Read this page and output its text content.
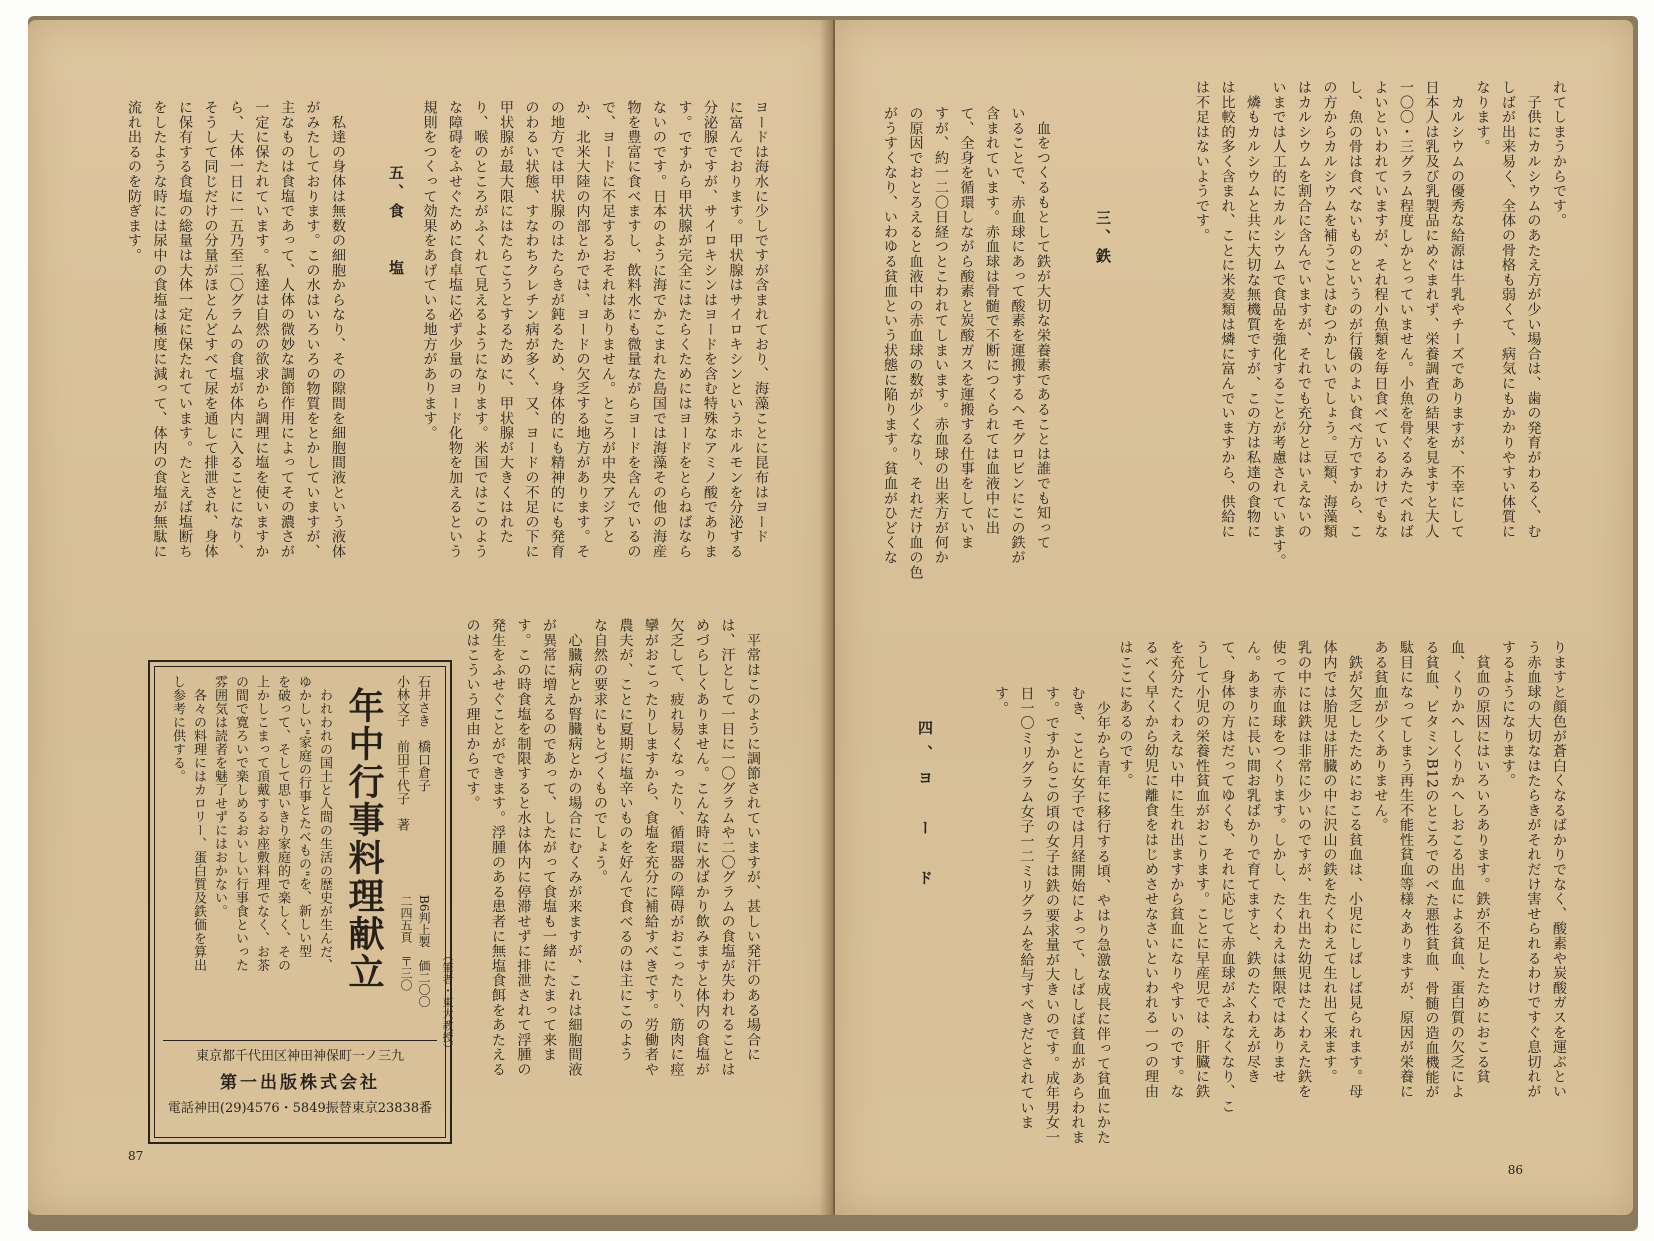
ヨードは海水に少しですが含まれており、海藻ことに昆布はヨード
に富んでおります。甲状腺はサイロキシンというホルモンを分泌する
分泌腺ですが、サイロキシンはヨードを含む特殊なアミノ酸でありま
す。ですから甲状腺が完全にはたらくためにはヨードをとらねばなら
ないのです。日本のように海でかこまれた島国では海藻その他の海産
物を豊富に食べますし、飲料水にも微量ながらヨードを含んでいるの
で、ヨードに不足するおそれはありません。ところが中央アジアと
か、北米大陸の内部とかでは、ヨードの欠乏する地方があります。そ
の地方では甲状腺のはたらきが鈍るため、身体的にも精神的にも発育
のわるい状態、すなわちクレチン病が多く、又、ヨードの不足の下に
甲状腺が最大限にはたらこうとするために、甲状腺が大きくはれた
り、喉のところがふくれて見えるようになります。米国ではこのよう
な障碍をふせぐために食卓塩に必ず少量のヨード化物を加えるという
規則をつくって効果をあげている地方があります。
五、食　　塩
　私達の身体は無数の細胞からなり、その隙間を細胞間液という液体
がみたしております。この水はいろいろの物質をとかしていますが、
主なものは食塩であって、人体の微妙な調節作用によってその濃さが
一定に保たれています。私達は自然の欲求から調理に塩を使いますか
ら、大体一日に一五乃至二〇グラムの食塩が体内に入ることになり、
そうして同じだけの分量がほとんどすべて尿を通して排泄され、身体
に保有する食塩の総量は大体一定に保たれています。たとえば塩断ち
をしたような時には尿中の食塩は極度に減って、体内の食塩が無駄に
流れ出るのを防ぎます。
　平常はこのように調節されていますが、甚しい発汗のある場合に
は、汗として一日に一〇グラムや二〇グラムの食塩が失われることは
めづらしくありません。こんな時に水ばかり飲みますと体内の食塩が
欠乏して、疲れ易くなったり、循環器の障碍がおこったり、筋肉に痙
攣がおこったりしますから、食塩を充分に補給すべきです。労働者や
農夫が、ことに夏期に塩辛いものを好んで食べるのは主にこのよう
な自然の要求にもとづくものでしょう。
　心臓病とか腎臓病とかの場合にむくみが来ますが、これは細胞間液
が異常に増えるのであって、したがって食塩も一緒にたまって来ま
す。この時食塩を制限すると水は体内に停滞せずに排泄されて浮腫の
発生をふせぐことができます。浮腫のある患者に無塩食餌をあたえる
のはこういう理由からです。
（筆者・東大教授）
石井さき　橋口倉子
小林文子　前田千代子　著
年中行事料理献立	B6判上製　価二〇〇
二四五頁　〒三〇
　われわれの国土と人間の生活の歴史が生んだ、
ゆかしい"家庭の行事とたべもの"を、新しい型
を破って、そして思いきり家庭的で楽しく、その
上かしこまって頂戴するお座敷料理でなく、お茶
の間で寛ろいで楽しめるおいしい行事食といった
雰囲気は読者を魅了せずにはおかない。
　各々の料理にはカロリー、蛋白質及鉄価を算出
し参考に供する。
東京都千代田区神田神保町一ノ三九
第一出版株式会社
電話神田(29)4576・5849振替東京23838番
87
れてしまうからです。
　子供にカルシウムのあたえ方が少い場合は、歯の発育がわるく、む
しばが出来易く、全体の骨格も弱くて、病気にもかかりやすい体質に
なります。
　カルシウムの優秀な給源は牛乳やチーズでありますが、不幸にして
日本人は乳及び乳製品にめぐまれず、栄養調査の結果を見ますと大人
一〇〇・三グラム程度しかとっていません。小魚を骨ぐるみたべれば
よいといわれていますが、それ程小魚類を毎日食べているわけでもな
し、魚の骨は食べないものというのが行儀のよい食べ方ですから、こ
の方からカルシウムを補うことはむつかしいでしょう。豆類、海藻類
はカルシウムを割合に含んでいますが、それでも充分とはいえないの
いまでは人工的にカルシウムで食品を強化することが考慮されています。
　燐もカルシウムと共に大切な無機質ですが、この方は私達の食物に
は比較的多く含まれ、ことに米麦類は燐に富んでいますから、供給に
は不足はないようです。
三、鉄
　血をつくるもとして鉄が大切な栄養素であることは誰でも知って
いることで、赤血球にあって酸素を運搬するヘモグロビンにこの鉄が
含まれています。赤血球は骨髄で不断につくられては血液中に出
て、全身を循環しながら酸素と炭酸ガスを運搬する仕事をしていま
すが、約一二〇日経つとこわれてしまいます。赤血球の出来方が何か
の原因でおとろえると血液中の赤血球の数が少くなり、それだけ血の色
がうすくなり、いわゆる貧血という状態に陥ります。貧血がひどくな
りますと顔色が蒼白くなるばかりでなく、酸素や炭酸ガスを運ぶとい
う赤血球の大切なはたらきがそれだけ害せられるわけですぐ息切れが
するようになります。
　貧血の原因にはいろいろあります。鉄が不足したためにおこる貧
血、くりかへしくりかへしおこる出血による貧血、蛋白質の欠乏によ
る貧血、ビタミンB12のところでのべた悪性貧血、骨髄の造血機能が
駄目になってしまう再生不能性貧血等様々ありますが、原因が栄養に
ある貧血が少くありません。
　鉄が欠乏したためにおこる貧血は、小児にしばしば見られます。母
体内では胎児は肝臓の中に沢山の鉄をたくわえて生れ出て来ます。
乳の中には鉄は非常に少いのですが、生れ出た幼児はたくわえた鉄を
使って赤血球をつくります。しかし、たくわえは無限ではありませ
ん。あまりに長い間お乳ばかりで育てますと、鉄のたくわえが尽き
て、身体の方はだってゆくも、それに応じて赤血球がふえなくなり、こ
うして小児の栄養性貧血がおこります。ことに早産児では、肝臓に鉄
を充分たくわえない中に生れ出ますから貧血になりやすいのです。な
るべく早くから幼児に離食をはじめさせなさいといわれる一つの理由
はここにあるのです。
　少年から青年に移行する頃、やはり急激な成長に伴って貧血にかた
むき、ことに女子では月経開始によって、しばしば貧血があらわれま
す。ですからこの頃の女子は鉄の要求量が大きいのです。成年男女一
日一〇ミリグラム女子一二ミリグラムを給与すべきだとされていま
す。
四、ヨ　ー　ド
86
